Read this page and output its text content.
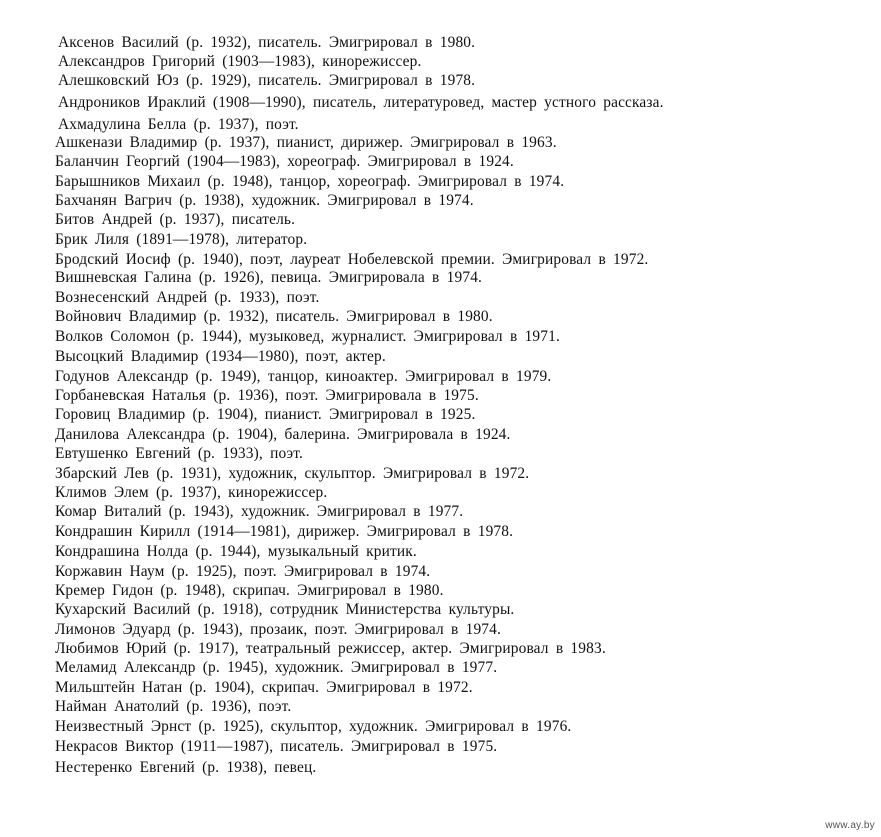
Аксенов Василий (р. 1932), писатель. Эмигрировал в 1980.
Александров Григорий (1903—1983), кинорежиссер.
Алешковский Юз (р. 1929), писатель. Эмигрировал в 1978.
Андроников Ираклий (1908—1990), писатель, литературовед, мастер устного рассказа.
Ахмадулина Белла (р. 1937), поэт.
Ашкенази Владимир (р. 1937), пианист, дирижер. Эмигрировал в 1963.
Баланчин Георгий (1904—1983), хореограф. Эмигрировал в 1924.
Барышников Михаил (р. 1948), танцор, хореограф. Эмигрировал в 1974.
Бахчанян Вагрич (р. 1938), художник. Эмигрировал в 1974.
Битов Андрей (р. 1937), писатель.
Брик Лиля (1891—1978), литератор.
Бродский Иосиф (р. 1940), поэт, лауреат Нобелевской премии. Эмигрировал в 1972.
Вишневская Галина (р. 1926), певица. Эмигрировала в 1974.
Вознесенский Андрей (р. 1933), поэт.
Войнович Владимир (р. 1932), писатель. Эмигрировал в 1980.
Волков Соломон (р. 1944), музыковед, журналист. Эмигрировал в 1971.
Высоцкий Владимир (1934—1980), поэт, актер.
Годунов Александр (р. 1949), танцор, киноактер. Эмигрировал в 1979.
Горбаневская Наталья (р. 1936), поэт. Эмигрировала в 1975.
Горовиц Владимир (р. 1904), пианист. Эмигрировал в 1925.
Данилова Александра (р. 1904), балерина. Эмигрировала в 1924.
Евтушенко Евгений (р. 1933), поэт.
Збарский Лев (р. 1931), художник, скульптор. Эмигрировал в 1972.
Климов Элем (р. 1937), кинорежиссер.
Комар Виталий (р. 1943), художник. Эмигрировал в 1977.
Кондрашин Кирилл (1914—1981), дирижер. Эмигрировал в 1978.
Кондрашина Нолда (р. 1944), музыкальный критик.
Коржавин Наум (р. 1925), поэт. Эмигрировал в 1974.
Кремер Гидон (р. 1948), скрипач. Эмигрировал в 1980.
Кухарский Василий (р. 1918), сотрудник Министерства культуры.
Лимонов Эдуард (р. 1943), прозаик, поэт. Эмигрировал в 1974.
Любимов Юрий (р. 1917), театральный режиссер, актер. Эмигрировал в 1983.
Меламид Александр (р. 1945), художник. Эмигрировал в 1977.
Мильштейн Натан (р. 1904), скрипач. Эмигрировал в 1972.
Найман Анатолий (р. 1936), поэт.
Неизвестный Эрнст (р. 1925), скульптор, художник. Эмигрировал в 1976.
Некрасов Виктор (1911—1987), писатель. Эмигрировал в 1975.
Нестеренко Евгений (р. 1938), певец.
www.ay.by
